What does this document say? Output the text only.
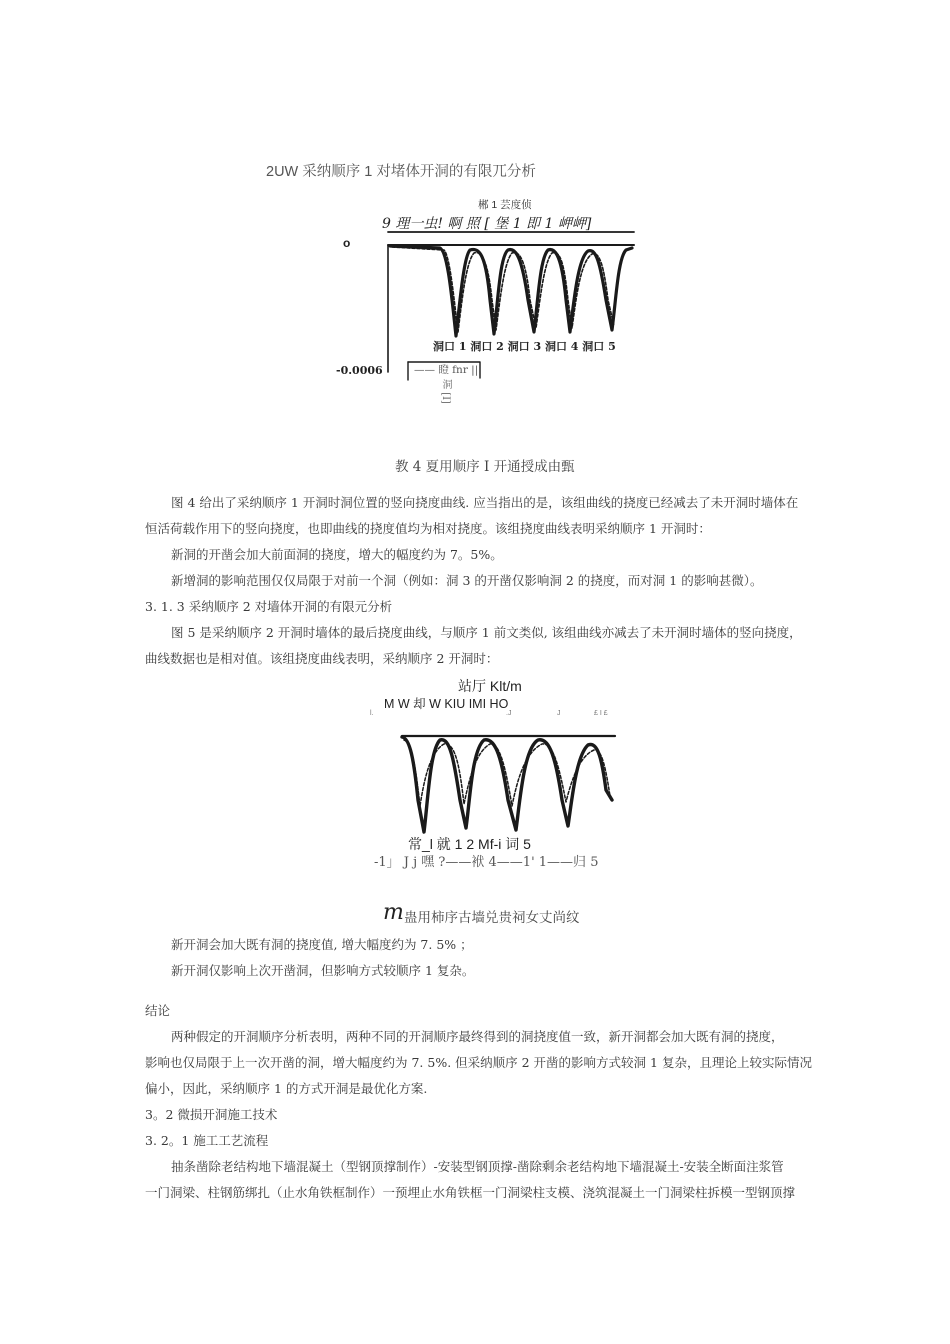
2UW 采纳顺序 1 对堵体开洞的有限兀分析
郴 1 芸度侦
9 理一虫! 啊 照 [ 堡 1 即 1 岬岬]
o
-0.0006
洞口 1 洞口 2 洞口 3 洞口 4 洞口 5
—— 瞪 fnr ||
洞 [I]
教 4 夏用顺序 I 开通授成由甄
图 4 给出了采纳顺序 1 开洞时洞位置的竖向挠度曲线. 应当指出的是，该组曲线的挠度已经减去了未开洞时墙体在
恒活荷载作用下的竖向挠度，也即曲线的挠度值均为相对挠度。该组挠度曲线表明采纳顺序 1 开洞时：
新洞的开凿会加大前面洞的挠度，增大的幅度约为 7。5%。
新增洞的影响范围仅仅局限于对前一个洞（例如：洞 3 的开凿仅影响洞 2 的挠度，而对洞 1 的影响甚微）。
3. 1. 3 采纳顺序 2 对墙体开洞的有限元分析
图 5 是采纳顺序 2 开洞时墙体的最后挠度曲线，与顺序 1 前文类似, 该组曲线亦减去了未开洞时墙体的竖向挠度，
曲线数据也是相对值。该组挠度曲线表明，采纳顺序 2 开洞时：
站厅 Klt/m
M W 却 W KIU IMI HO
l.	.J	J	£ I £
常_l 就 1 2 Mf-i 词 5
-1」 J j 嘿 ?——袱 4——1' 1——归 5
m 蛊用柿序古墙兑贵祠女丈尚纹
新开洞会加大既有洞的挠度值, 增大幅度约为 7. 5% ；
新开洞仅影响上次开凿洞，但影响方式较顺序 1 复杂。
结论
两种假定的开洞顺序分析表明，两种不同的开洞顺序最终得到的洞挠度值一致，新开洞都会加大既有洞的挠度，
影响也仅局限于上一次开凿的洞，增大幅度约为 7. 5%. 但采纳顺序 2 开凿的影响方式较洞 1 复杂，且理论上较实际情况
偏小，因此，采纳顺序 1 的方式开洞是最优化方案.
3。2 微损开洞施工技术
3. 2。1 施工工艺流程
抽条凿除老结构地下墙混凝土（型钢顶撑制作）-安装型钢顶撑-凿除剩余老结构地下墙混凝土-安装全断面注浆管
一门洞梁、柱钢筋绑扎（止水角铁框制作）一预埋止水角铁框一门洞梁柱支模、浇筑混凝土一门洞梁柱拆模一型钢顶撑
